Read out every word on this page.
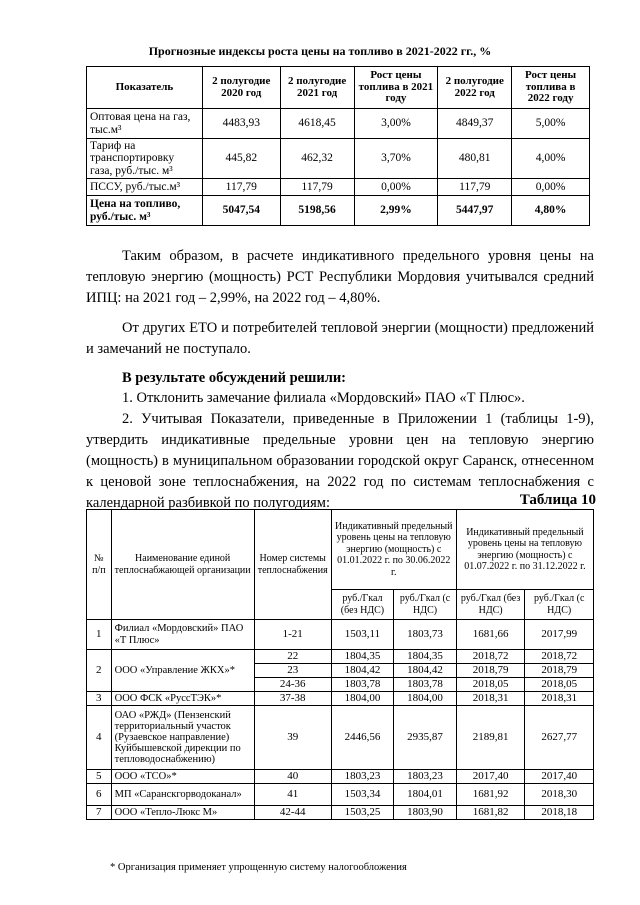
Прогнозные индексы роста цены на топливо в 2021-2022 гг., %
Показатель	2 полугодие 2020 год	2 полугодие 2021 год	Рост цены топлива в 2021 году	2 полугодие 2022 год	Рост цены топлива в 2022 году
Оптовая цена на газ, тыс.м³	4483,93	4618,45	3,00%	4849,37	5,00%
Тариф на транспортировку газа, руб./тыс. м³	445,82	462,32	3,70%	480,81	4,00%
ПССУ, руб./тыс.м³	117,79	117,79	0,00%	117,79	0,00%
Цена на топливо, руб./тыс. м³	5047,54	5198,56	2,99%	5447,97	4,80%
Таким образом, в расчете индикативного предельного уровня цены на тепловую энергию (мощность) РСТ Республики Мордовия учитывался средний ИПЦ: на 2021 год – 2,99%, на 2022 год – 4,80%.
От других ЕТО и потребителей тепловой энергии (мощности) предложений и замечаний не поступало.
В результате обсуждений решили:
1. Отклонить замечание филиала «Мордовский» ПАО «Т Плюс».
2. Учитывая Показатели, приведенные в Приложении 1 (таблицы 1-9), утвердить индикативные предельные уровни цен на тепловую энергию (мощность) в муниципальном образовании городской округ Саранск, отнесенном к ценовой зоне теплоснабжения, на 2022 год по системам теплоснабжения с календарной разбивкой по полугодиям:	Таблица 10
№ п/п	Наименование единой теплоснабжающей организации	Номер системы теплоснабжения	Индикативный предельный уровень цены на тепловую энергию (мощность) с 01.01.2022 г. по 30.06.2022 г.		Индикативный предельный уровень цены на тепловую энергию (мощность) с 01.07.2022 г. по 31.12.2022 г.	
			руб./Гкал (без НДС)	руб./Гкал (с НДС)	руб./Гкал (без НДС)	руб./Гкал (с НДС)
1	Филиал «Мордовский» ПАО «Т Плюс»	1-21	1503,11	1803,73	1681,66	2017,99
2	ООО «Управление ЖКХ»*	22	1804,35	1804,35	2018,72	2018,72
		23	1804,42	1804,42	2018,79	2018,79
		24-36	1803,78	1803,78	2018,05	2018,05
3	ООО ФСК «РуссТЭК»*	37-38	1804,00	1804,00	2018,31	2018,31
4	ОАО «РЖД» (Пензенский территориальный участок (Рузаевское направление) Куйбышевской дирекции по тепловодоснабжению)	39	2446,56	2935,87	2189,81	2627,77
5	ООО «ТСО»*	40	1803,23	1803,23	2017,40	2017,40
6	МП «Саранскгорводоканал»	41	1503,34	1804,01	1681,92	2018,30
7	ООО «Тепло-Люкс М»	42-44	1503,25	1803,90	1681,82	2018,18
* Организация применяет упрощенную систему налогообложения
